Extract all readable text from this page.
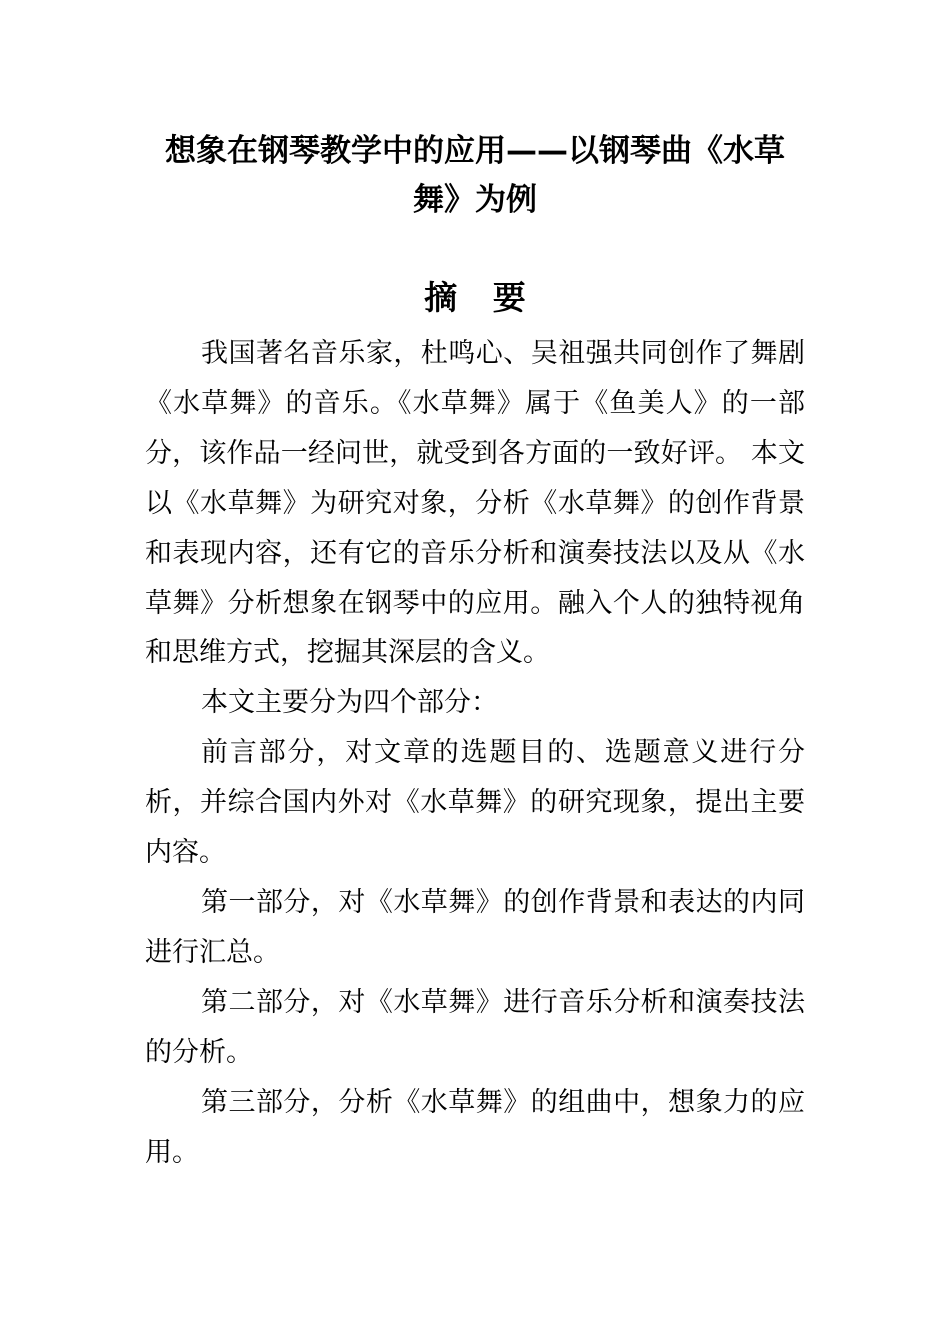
想象在钢琴教学中的应用——以钢琴曲《水草舞》为例
摘 要

我国著名音乐家，杜鸣心、吴祖强共同创作了舞剧《水草舞》的音乐。《水草舞》属于《鱼美人》的一部分，该作品一经问世，就受到各方面的一致好评。 本文以《水草舞》为研究对象，分析《水草舞》的创作背景和表现内容，还有它的音乐分析和演奏技法以及从《水草舞》分析想象在钢琴中的应用。融入个人的独特视角和思维方式，挖掘其深层的含义。

本文主要分为四个部分：

前言部分，对文章的选题目的、选题意义进行分析，并综合国内外对《水草舞》的研究现象，提出主要内容。

第一部分，对《水草舞》的创作背景和表达的内同进行汇总。

第二部分，对《水草舞》进行音乐分析和演奏技法的分析。

第三部分，分析《水草舞》的组曲中，想象力的应用。
